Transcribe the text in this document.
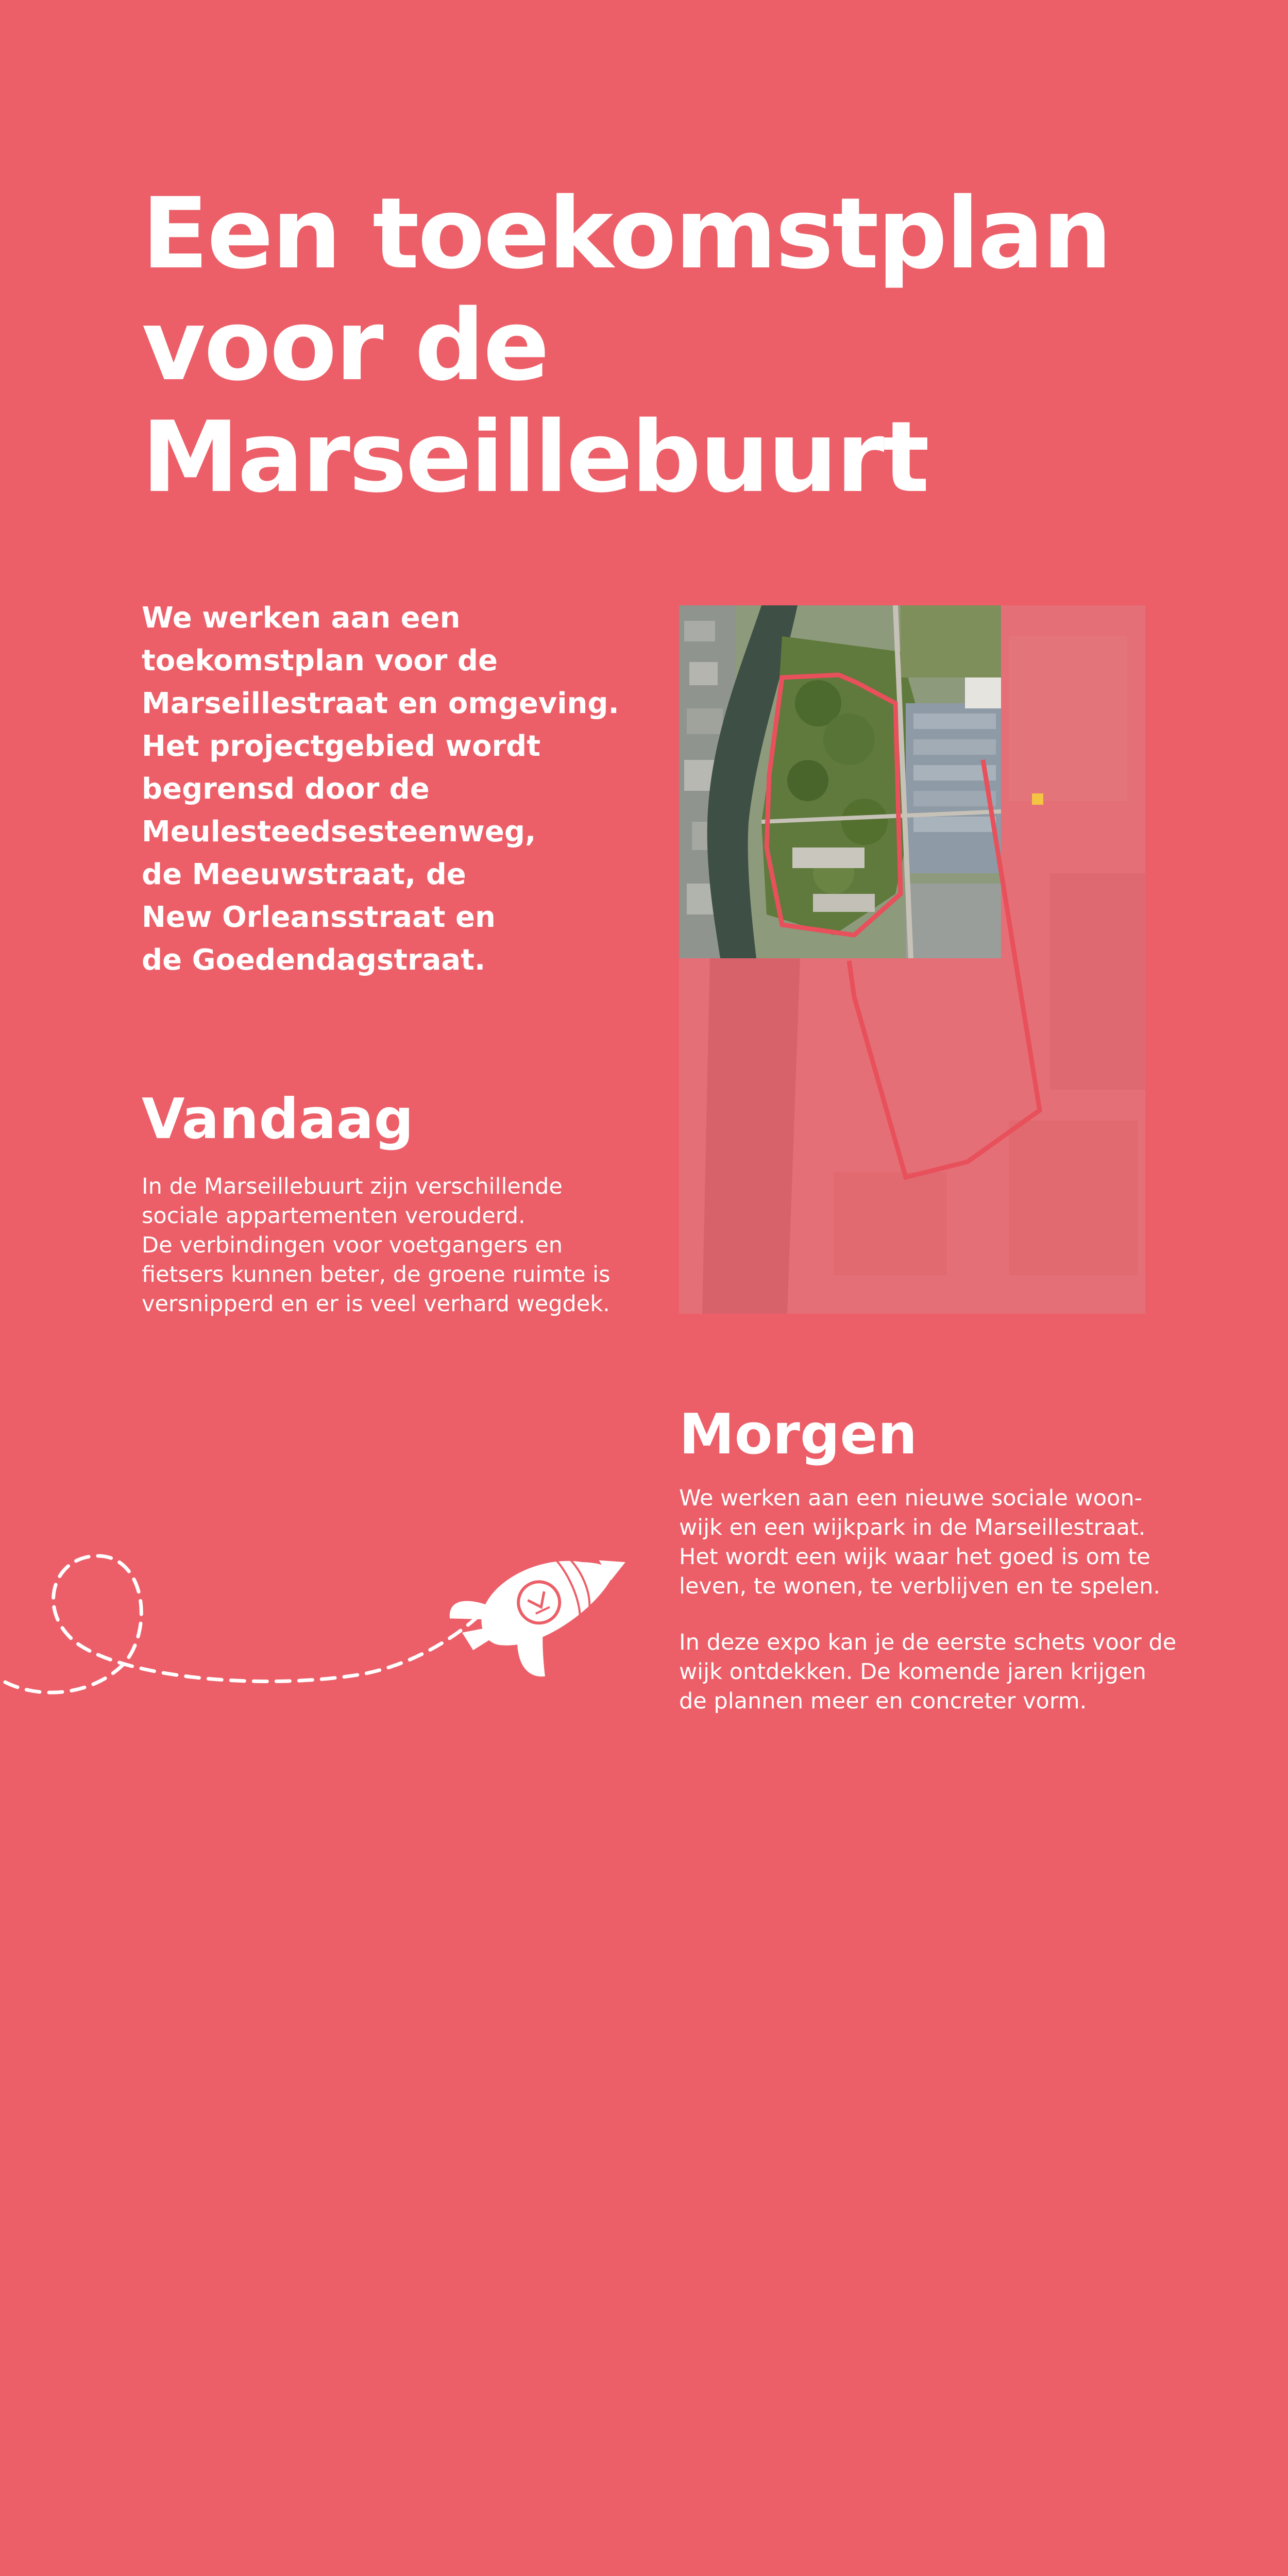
Een toekomstplan
voor de
Marseillebuurt

We werken aan een
toekomstplan voor de
Marseillestraat en omgeving.
Het projectgebied wordt
begrensd door de
Meulesteedsesteenweg,
de Meeuwstraat, de
New Orleansstraat en
de Goedendagstraat.

Vandaag

In de Marseillebuurt zijn verschillende
sociale appartementen verouderd.
De verbindingen voor voetgangers en
fietsers kunnen beter, de groene ruimte is
versnipperd en er is veel verhard wegdek.

Morgen

We werken aan een nieuwe sociale woon-
wijk en een wijkpark in de Marseillestraat.
Het wordt een wijk waar het goed is om te
leven, te wonen, te verblijven en te spelen.

In deze expo kan je de eerste schets voor de
wijk ontdekken. De komende jaren krijgen
de plannen meer en concreter vorm.
